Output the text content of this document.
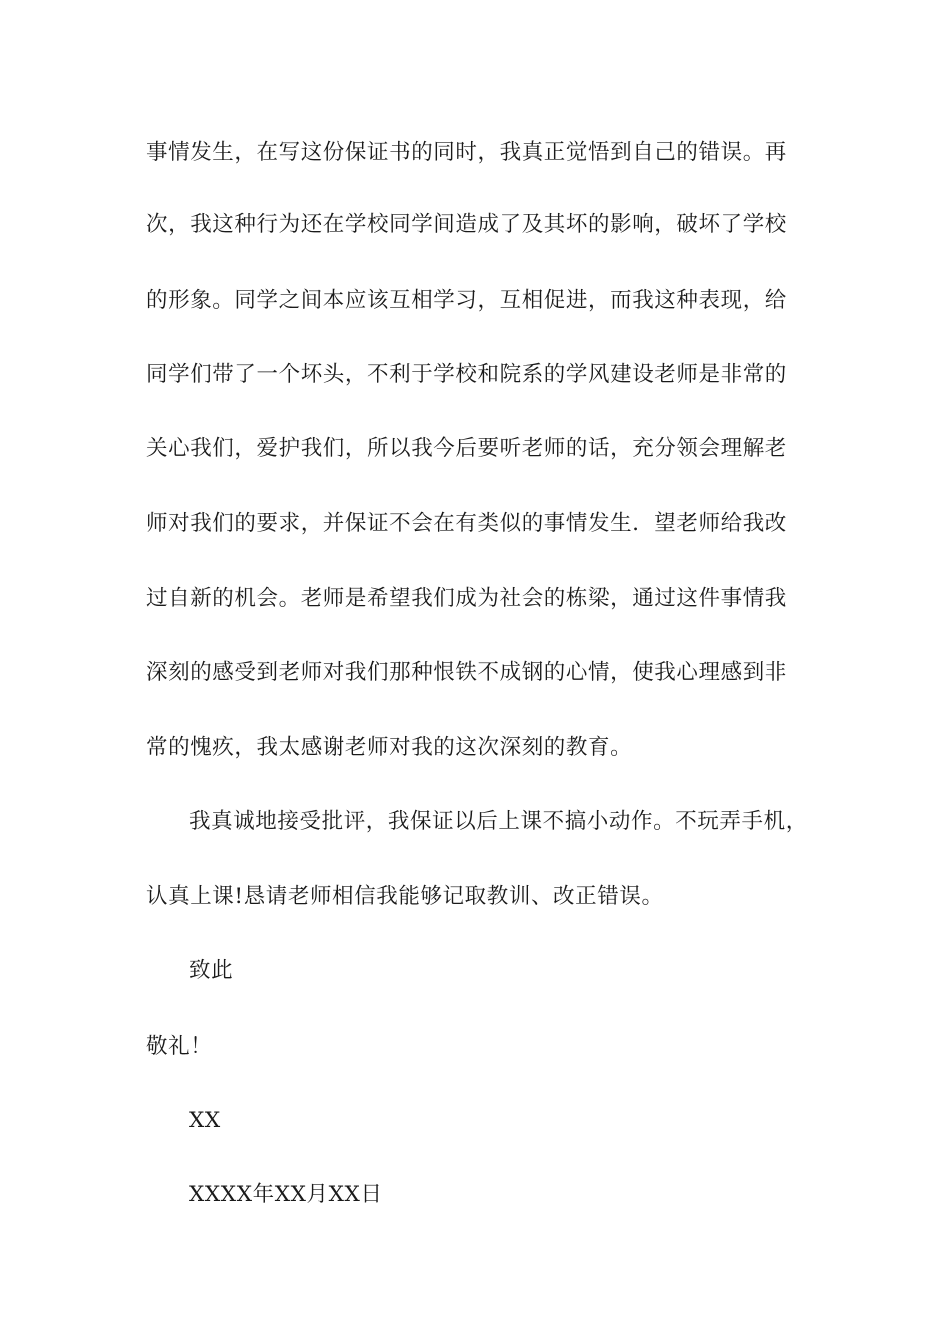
事情发生，在写这份保证书的同时，我真正觉悟到自己的错误。再
次，我这种行为还在学校同学间造成了及其坏的影响，破坏了学校
的形象。同学之间本应该互相学习，互相促进，而我这种表现，给
同学们带了一个坏头，不利于学校和院系的学风建设老师是非常的
关心我们，爱护我们，所以我今后要听老师的话，充分领会理解老
师对我们的要求，并保证不会在有类似的事情发生．望老师给我改
过自新的机会。老师是希望我们成为社会的栋梁，通过这件事情我
深刻的感受到老师对我们那种恨铁不成钢的心情，使我心理感到非
常的愧疚，我太感谢老师对我的这次深刻的教育。
我真诚地接受批评，我保证以后上课不搞小动作。不玩弄手机，
认真上课!恳请老师相信我能够记取教训、改正错误。
致此
敬礼！
XX
XXXX年XX月XX日
